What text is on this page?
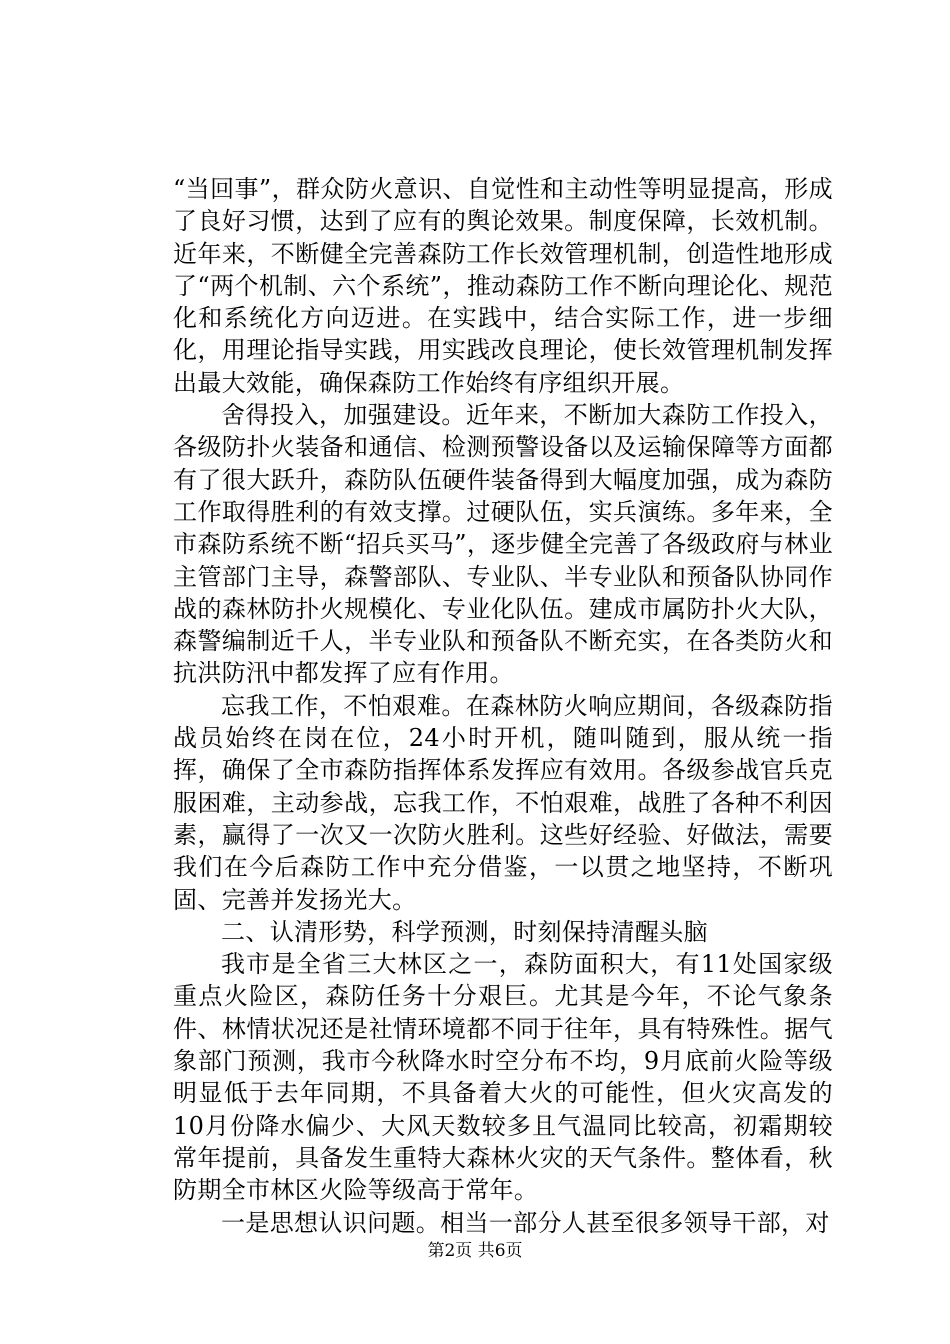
“当回事”，群众防火意识、自觉性和主动性等明显提高，形成了良好习惯，达到了应有的舆论效果。制度保障，长效机制。近年来，不断健全完善森防工作长效管理机制，创造性地形成了“两个机制、六个系统”，推动森防工作不断向理论化、规范化和系统化方向迈进。在实践中，结合实际工作，进一步细化，用理论指导实践，用实践改良理论，使长效管理机制发挥出最大效能，确保森防工作始终有序组织开展。

舍得投入，加强建设。近年来，不断加大森防工作投入，各级防扑火装备和通信、检测预警设备以及运输保障等方面都有了很大跃升，森防队伍硬件装备得到大幅度加强，成为森防工作取得胜利的有效支撑。过硬队伍，实兵演练。多年来，全市森防系统不断“招兵买马”，逐步健全完善了各级政府与林业主管部门主导，森警部队、专业队、半专业队和预备队协同作战的森林防扑火规模化、专业化队伍。建成市属防扑火大队，森警编制近千人，半专业队和预备队不断充实，在各类防火和抗洪防汛中都发挥了应有作用。

忘我工作，不怕艰难。在森林防火响应期间，各级森防指战员始终在岗在位，24小时开机，随叫随到，服从统一指挥，确保了全市森防指挥体系发挥应有效用。各级参战官兵克服困难，主动参战，忘我工作，不怕艰难，战胜了各种不利因素，赢得了一次又一次防火胜利。这些好经验、好做法，需要我们在今后森防工作中充分借鉴，一以贯之地坚持，不断巩固、完善并发扬光大。

二、认清形势，科学预测，时刻保持清醒头脑

我市是全省三大林区之一，森防面积大，有11处国家级重点火险区，森防任务十分艰巨。尤其是今年，不论气象条件、林情状况还是社情环境都不同于往年，具有特殊性。据气象部门预测，我市今秋降水时空分布不均，9月底前火险等级明显低于去年同期，不具备着大火的可能性，但火灾高发的10月份降水偏少、大风天数较多且气温同比较高，初霜期较常年提前，具备发生重特大森林火灾的天气条件。整体看，秋防期全市林区火险等级高于常年。

一是思想认识问题。相当一部分人甚至很多领导干部，对

第2页 共6页
